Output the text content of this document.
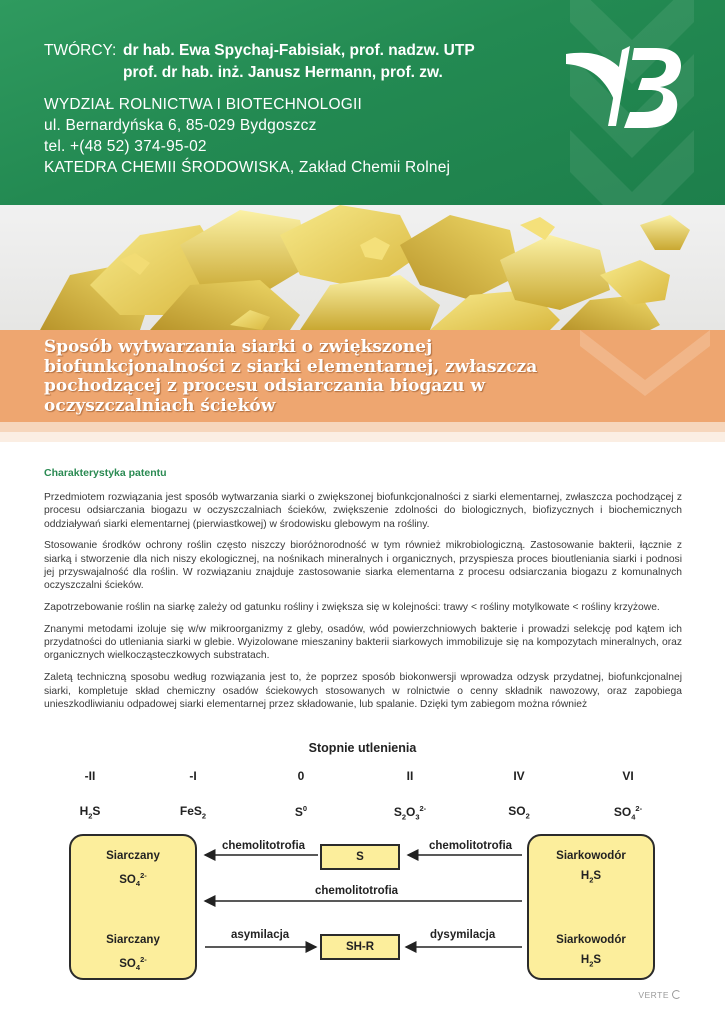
TWÓRCY: dr hab. Ewa Spychaj-Fabisiak, prof. nadzw. UTP
prof. dr hab. inż. Janusz Hermann, prof. zw.
WYDZIAŁ ROLNICTWA I BIOTECHNOLOGII
ul. Bernardyńska 6, 85-029 Bydgoszcz
tel. +(48 52) 374-95-02
KATEDRA CHEMII ŚRODOWISKA, Zakład Chemii Rolnej
Sposób wytwarzania siarki o zwiększonej biofunkcjonalności z siarki elementarnej, zwłaszcza pochodzącej z procesu odsiarczania biogazu w oczyszczalniach ścieków
Charakterystyka patentu

Przedmiotem rozwiązania jest sposób wytwarzania siarki o zwiększonej biofunkcjonalności z siarki elementarnej, zwłaszcza pochodzącej z procesu odsiarczania biogazu w oczyszczalniach ścieków, zwiększenie zdolności do biologicznych, biofizycznych i biochemicznych oddziaływań siarki elementarnej (pierwiastkowej) w środowisku glebowym na rośliny.

Stosowanie środków ochrony roślin często niszczy bioróżnorodność w tym również mikrobiologiczną. Zastosowanie bakterii, łącznie z siarką i stworzenie dla nich niszy ekologicznej, na nośnikach mineralnych i organicznych, przyspiesza proces bioutleniania siarki i podnosi jej przyswajalność dla roślin. W rozwiązaniu znajduje zastosowanie siarka elementarna z procesu odsiarczania biogazu z komunalnych oczyszczalni ścieków.

Zapotrzebowanie roślin na siarkę zależy od gatunku rośliny i zwiększa się w kolejności: trawy < rośliny motylkowate < rośliny krzyżowe.

Znanymi metodami izoluje się w/w mikroorganizmy z gleby, osadów, wód powierzchniowych bakterie i prowadzi selekcję pod kątem ich przydatności do utleniania siarki w glebie. Wyizolowane mieszaniny bakterii siarkowych immobilizuje się na kompozytach mineralnych, oraz organicznych wielkocząsteczkowych substratach.

Zaletą techniczną sposobu według rozwiązania jest to, że poprzez sposób biokonwersji wprowadza odzysk przydatnej, biofunkcjonalnej siarki, kompletuje skład chemiczny osadów ściekowych stosowanych w rolnictwie o cenny składnik nawozowy, oraz zapobiega unieszkodliwianiu odpadowej siarki elementarnej przez składowanie, lub spalanie. Dzięki tym zabiegom można również

Stopnie utlenienia
-II	-I	0	II	IV	VI
$H_2S$	FeS$_2$	$S^0$	$S_2O_3^{2-}$	$SO_2$	$SO_4^{2-}$
chemolitotrofia	chemolitotrofia
chemolitotrofia
asymilacja	dysymilacja
Siarczany
$SO_4^{2-}$
Siarczany
$SO_4^{2-}$
Siarkowodór
$H_2S$
Siarkowodór
$H_2S$
S
SH-R
VERTE
